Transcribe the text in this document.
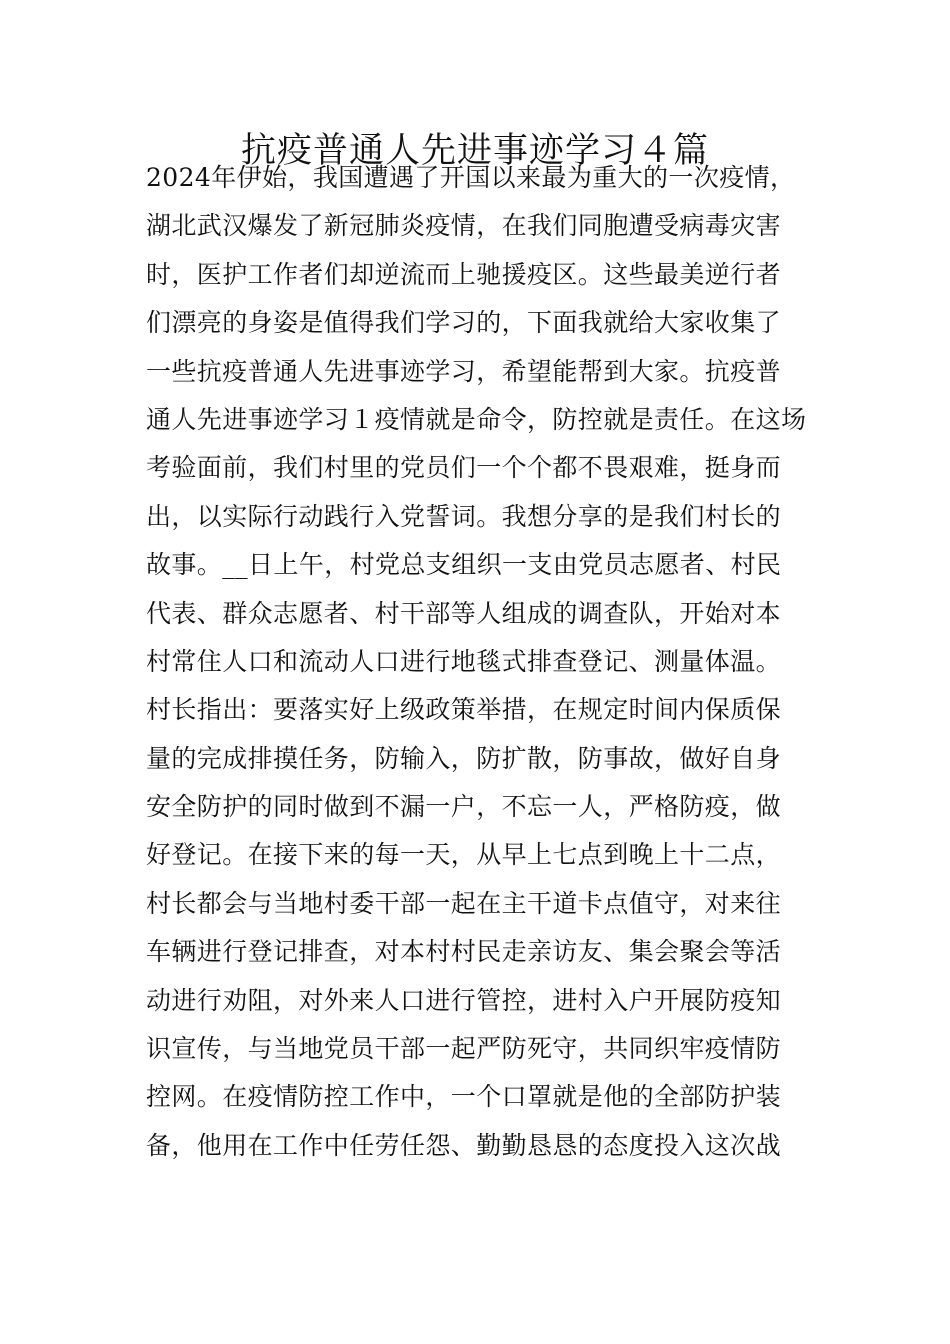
抗疫普通人先进事迹学习４篇
2024年伊始，我国遭遇了开国以来最为重大的一次疫情，
湖北武汉爆发了新冠肺炎疫情，在我们同胞遭受病毒灾害
时，医护工作者们却逆流而上驰援疫区。这些最美逆行者
们漂亮的身姿是值得我们学习的，下面我就给大家收集了
一些抗疫普通人先进事迹学习，希望能帮到大家。抗疫普
通人先进事迹学习１疫情就是命令，防控就是责任。在这场
考验面前，我们村里的党员们一个个都不畏艰难，挺身而
出，以实际行动践行入党誓词。我想分享的是我们村长的
故事。__日上午，村党总支组织一支由党员志愿者、村民
代表、群众志愿者、村干部等人组成的调查队，开始对本
村常住人口和流动人口进行地毯式排查登记、测量体温。
村长指出：要落实好上级政策举措，在规定时间内保质保
量的完成排摸任务，防输入，防扩散，防事故，做好自身
安全防护的同时做到不漏一户，不忘一人，严格防疫，做
好登记。在接下来的每一天，从早上七点到晚上十二点，
村长都会与当地村委干部一起在主干道卡点值守，对来往
车辆进行登记排查，对本村村民走亲访友、集会聚会等活
动进行劝阻，对外来人口进行管控，进村入户开展防疫知
识宣传，与当地党员干部一起严防死守，共同织牢疫情防
控网。在疫情防控工作中，一个口罩就是他的全部防护装
备，他用在工作中任劳任怨、勤勤恳恳的态度投入这次战
